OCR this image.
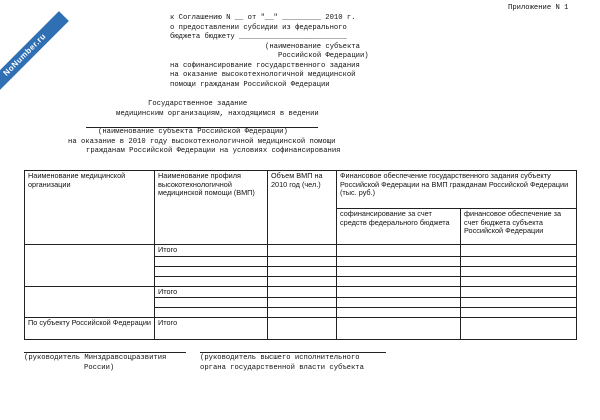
NoNumber.ru
Приложение N 1
к Соглашению N __ от "__" _________ 2010 г.
о предоставлении субсидии из федерального
бюджета бюджету _________________________
(наименование субъекта
Российской Федерации)
на софинансирование государственного задания
на оказание высокотехнологичной медицинской
помощи гражданам Российской Федерации
Государственное задание
медицинским организациям, находящимся в ведении
(наименование субъекта Российской Федерации)
на оказание в 2010 году высокотехнологичной медицинской помощи
гражданам Российской Федерации на условиях софинансирования
Наименование медицинской организации	Наименование профиля высокотехнологичной медицинской помощи (ВМП)	Объем ВМП на 2010 год (чел.)	Финансовое обеспечение государственного задания субъекту Российской Федерации на ВМП гражданам Российской Федерации (тыс. руб.)	
			софинансирование за счет средств федерального бюджета	финансовое обеспечение за счет бюджета субъекта Российской Федерации
	Итого			

	Итого			

По субъекту Российской Федерации	Итого			
(руководитель Минздравсоцразвития
России)
(руководитель высшего исполнительного
органа государственной власти субъекта
